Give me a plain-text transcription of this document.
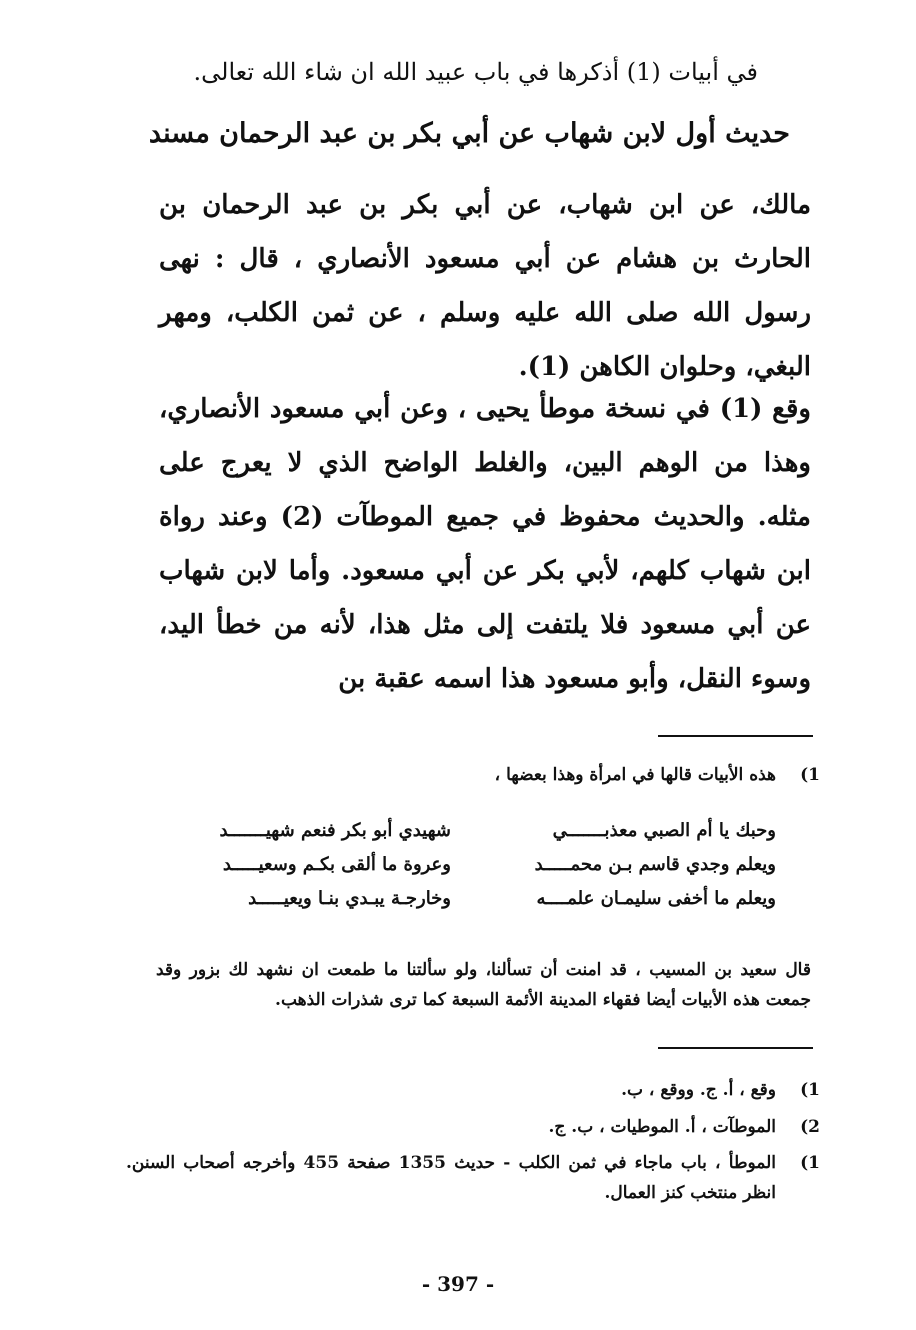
في أبيات (1) أذكرها في باب عبيد الله ان شاء الله تعالى.
حديث أول لابن شهاب عن أبي بكر بن عبد الرحمان مسند
مالك، عن ابن شهاب، عن أبي بكر بن عبد الرحمان بن الحارث بن هشام عن أبي مسعود الأنصاري ، قال : نهى رسول الله صلى الله عليه وسلم ، عن ثمن الكلب، ومهر البغي، وحلوان الكاهن (1).
وقع (1) في نسخة موطأ يحيى ، وعن أبي مسعود الأنصاري، وهذا من الوهم البين، والغلط الواضح الذي لا يعرج على مثله. والحديث محفوظ في جميع الموطآت (2) وعند رواة ابن شهاب كلهم، لأبي بكر عن أبي مسعود. وأما لابن شهاب عن أبي مسعود فلا يلتفت إلى مثل هذا، لأنه من خطأ اليد، وسوء النقل، وأبو مسعود هذا اسمه عقبة بن
1)
هذه الأبيات قالها في امرأة وهذا بعضها ،
وحبك يا أم الصبي معذبـــــــي
شهيدي أبو بكر فنعم شهيـــــــد
ويعلم وجدي قاسم بـن محمـــــد
وعروة ما ألقى بكـم وسعيـــــد
ويعلم ما أخفى سليمـان علمــــه
وخارجـة يبـدي بنـا ويعيـــــد
قال سعيد بن المسيب ، قد امنت أن تسألنا، ولو سألتنا ما طمعت ان نشهد لك بزور وقد جمعت هذه الأبيات أيضا فقهاء المدينة الأئمة السبعة كما ترى شذرات الذهب.
1)
وقع ، أ. ج. ووقع ، ب.
2)
الموطآت ، أ. الموطيات ، ب. ج.
1)
الموطأ ، باب ماجاء في ثمن الكلب - حديث 1355 صفحة 455 وأخرجه أصحاب السنن. انظر منتخب كنز العمال.
- 397 -
